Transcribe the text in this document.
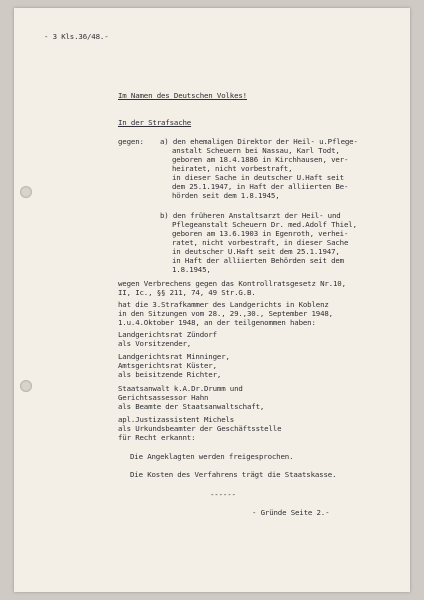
- 3 Kls.36/48.-
Im Namen des Deutschen Volkes!
In der Strafsache
gegen: a) den ehemaligen Direktor der Heil- u.Pflege-
anstalt Scheuern bei Nassau, Karl Todt,
geboren am 18.4.1886 in Kirchhausen, ver-
heiratet, nicht vorbestraft,
in dieser Sache in deutscher U.Haft seit
dem 25.1.1947, in Haft der alliierten Be-
hörden seit dem 1.8.1945,
b) den früheren Anstaltsarzt der Heil- und
Pflegeanstalt Scheuern Dr. med.Adolf Thiel,
geboren am 13.6.1903 in Egenroth, verhei-
ratet, nicht vorbestraft, in dieser Sache
in deutscher U.Haft seit dem 25.1.1947,
in Haft der alliierten Behörden seit dem
1.8.1945,
wegen Verbrechens gegen das Kontrollratsgesetz Nr.10,
II, Ic., §§ 211, 74, 49 Str.G.B.
hat die 3.Strafkammer des Landgerichts in Koblenz
in den Sitzungen vom 28., 29.,30., September 1948,
1.u.4.Oktober 1948, an der teilgenommen haben:
Landgerichtsrat Zündorf
als Vorsitzender,
Landgerichtsrat Minninger,
Amtsgerichtsrat Küster,
als beisitzende Richter,
Staatsanwalt k.A.Dr.Drumm und
Gerichtsassessor Hahn
als Beamte der Staatsanwaltschaft,
apl.Justizassistent Michels
als Urkundsbeamter der Geschäftsstelle
für Recht erkannt:
Die Angeklagten werden freigesprochen.
Die Kosten des Verfahrens trägt die Staatskasse.
------
- Gründe Seite 2.-
